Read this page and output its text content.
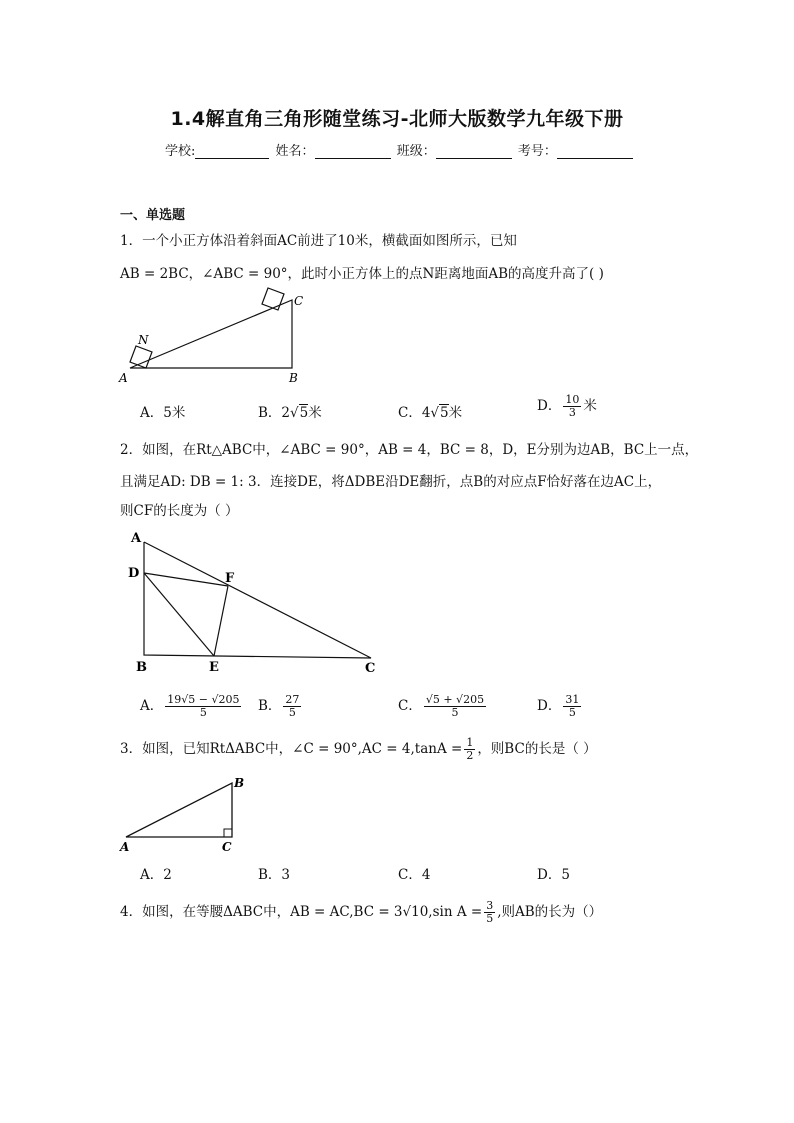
1.4解直角三角形随堂练习-北师大版数学九年级下册
学校:	姓名：	班级：	考号：
一、单选题
1．一个小正方体沿着斜面AC前进了10米，横截面如图所示，已知
AB = 2BC，∠ABC = 90°，此时小正方体上的点N距离地面AB的高度升高了( )
N
C
A	B
A．5米	B．2√5米	C．4√5米	D． $\frac{10}{3}$ 米
2．如图，在Rt△ABC中，∠ABC = 90°，AB = 4，BC = 8，D，E分别为边AB，BC上一点，
且满足AD: DB = 1: 3．连接DE，将ΔDBE沿DE翻折，点B的对应点F恰好落在边AC上，
则CF的长度为（ ）
A
D	F
B	E	C
A． $\frac{19√5 - √205}{5}$ B． $\frac{27}{5}$	C． $\frac{√5 + √205}{5}$	D． $\frac{31}{5}$
3．如图，已知RtΔABC中，∠C = $90^\circ,AC = 4,\tan A = \frac{1}{2}$ ，则BC的长是（ ）
B
A	C
A．2	B．3	C．4	D．5
4．如图，在等腰ΔABC中，AB = AC,BC = 3√10,sin $A = \frac{3}{5}$ ,则AB的长为（）
